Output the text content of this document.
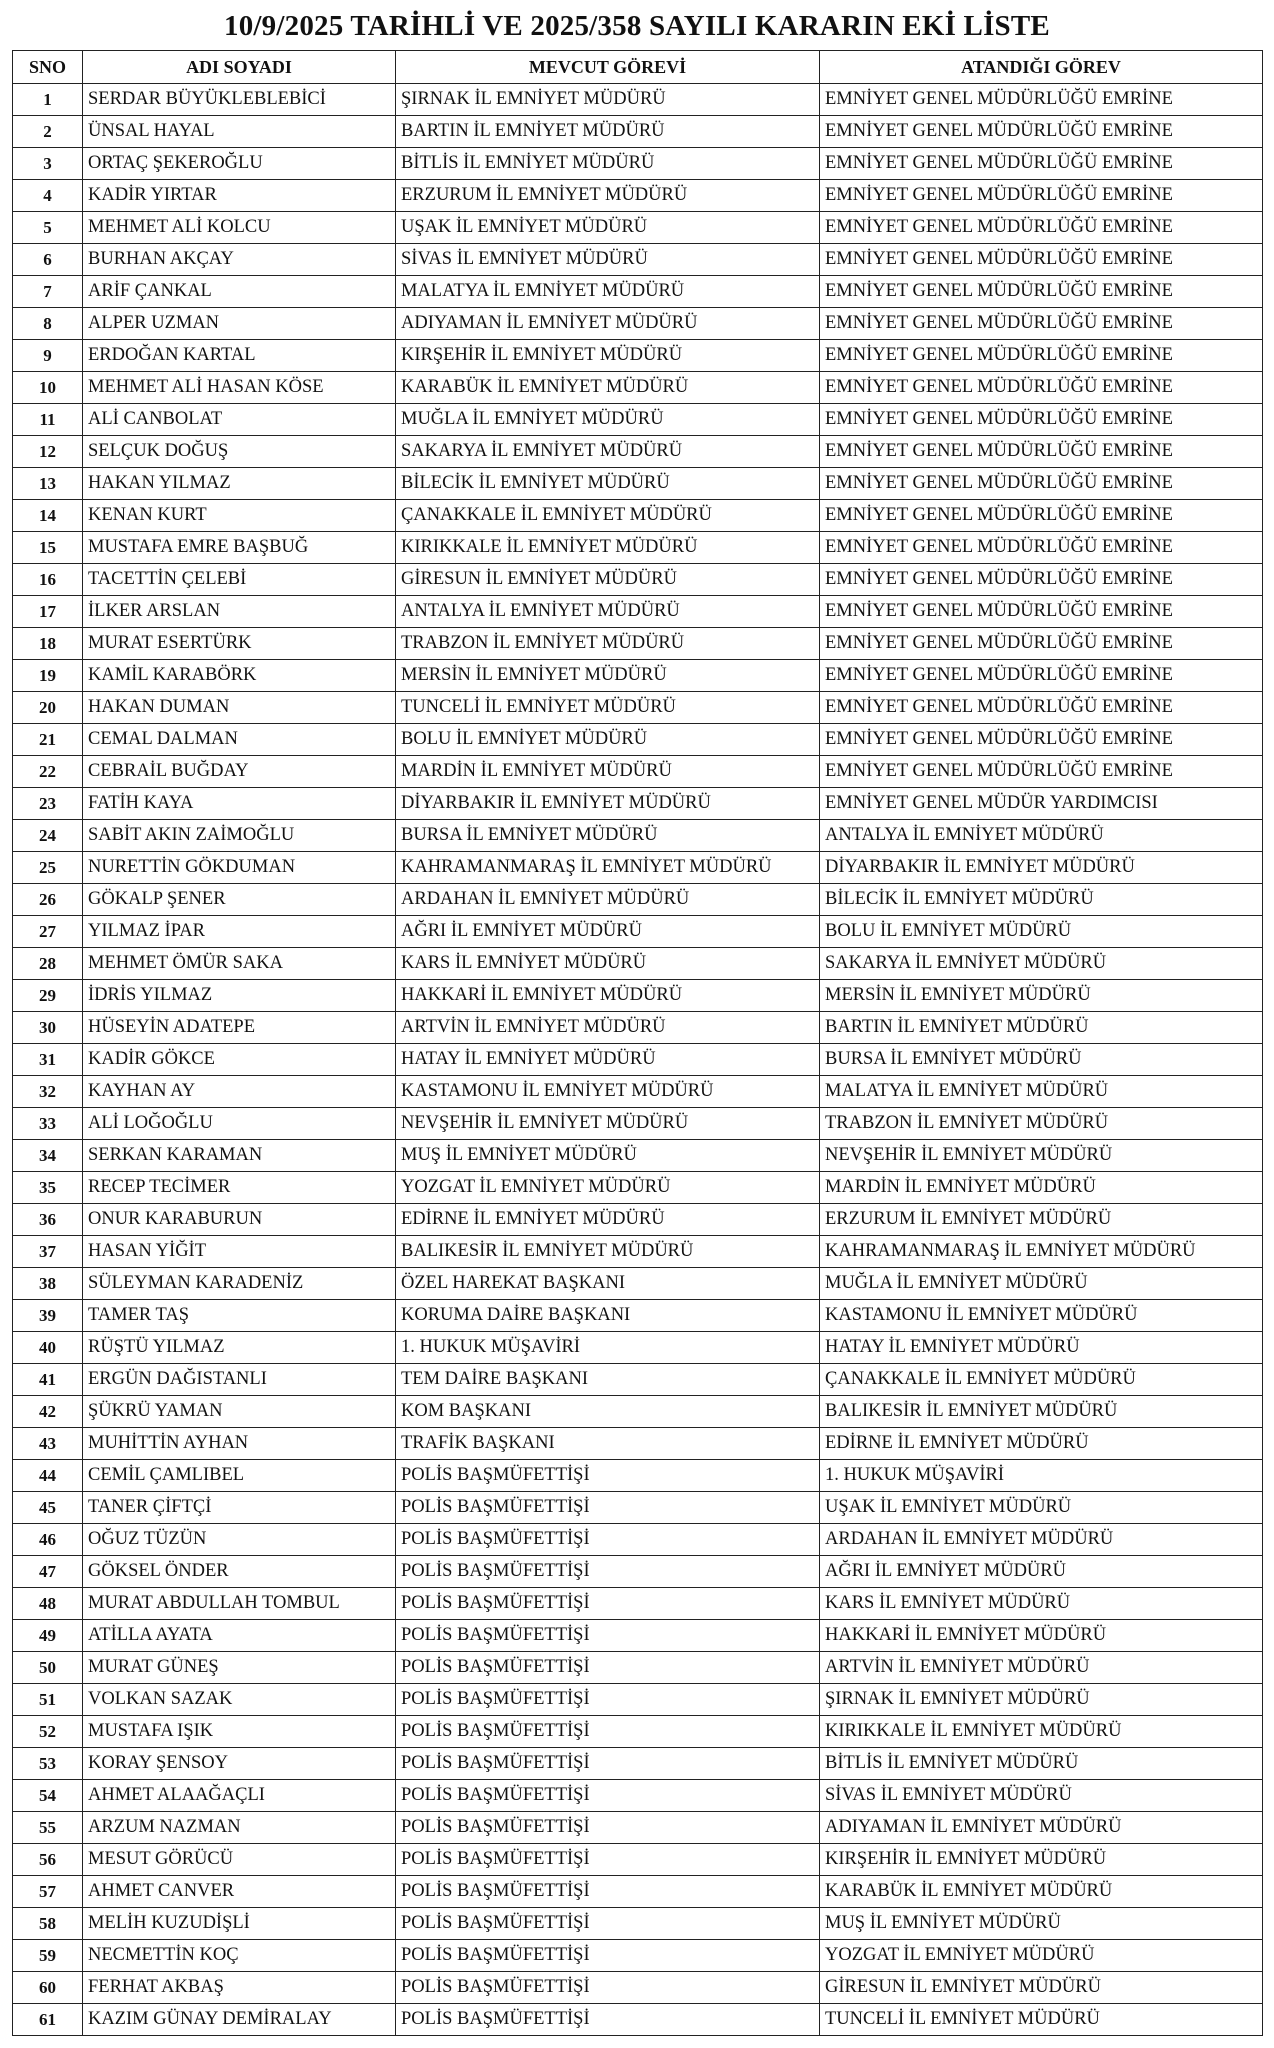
10/9/2025 TARİHLİ VE 2025/358 SAYILI KARARIN EKİ LİSTE
SNO	ADI SOYADI	MEVCUT GÖREVİ	ATANDIĞI GÖREV
1	SERDAR BÜYÜKLEBLEBİCİ	ŞIRNAK İL EMNİYET MÜDÜRÜ	EMNİYET GENEL MÜDÜRLÜĞÜ EMRİNE
2	ÜNSAL HAYAL	BARTIN İL EMNİYET MÜDÜRÜ	EMNİYET GENEL MÜDÜRLÜĞÜ EMRİNE
3	ORTAÇ ŞEKEROĞLU	BİTLİS İL EMNİYET MÜDÜRÜ	EMNİYET GENEL MÜDÜRLÜĞÜ EMRİNE
4	KADİR YIRTAR	ERZURUM İL EMNİYET MÜDÜRÜ	EMNİYET GENEL MÜDÜRLÜĞÜ EMRİNE
5	MEHMET ALİ KOLCU	UŞAK İL EMNİYET MÜDÜRÜ	EMNİYET GENEL MÜDÜRLÜĞÜ EMRİNE
6	BURHAN AKÇAY	SİVAS İL EMNİYET MÜDÜRÜ	EMNİYET GENEL MÜDÜRLÜĞÜ EMRİNE
7	ARİF ÇANKAL	MALATYA İL EMNİYET MÜDÜRÜ	EMNİYET GENEL MÜDÜRLÜĞÜ EMRİNE
8	ALPER UZMAN	ADIYAMAN İL EMNİYET MÜDÜRÜ	EMNİYET GENEL MÜDÜRLÜĞÜ EMRİNE
9	ERDOĞAN KARTAL	KIRŞEHİR İL EMNİYET MÜDÜRÜ	EMNİYET GENEL MÜDÜRLÜĞÜ EMRİNE
10	MEHMET ALİ HASAN KÖSE	KARABÜK İL EMNİYET MÜDÜRÜ	EMNİYET GENEL MÜDÜRLÜĞÜ EMRİNE
11	ALİ CANBOLAT	MUĞLA İL EMNİYET MÜDÜRÜ	EMNİYET GENEL MÜDÜRLÜĞÜ EMRİNE
12	SELÇUK DOĞUŞ	SAKARYA İL EMNİYET MÜDÜRÜ	EMNİYET GENEL MÜDÜRLÜĞÜ EMRİNE
13	HAKAN YILMAZ	BİLECİK İL EMNİYET MÜDÜRÜ	EMNİYET GENEL MÜDÜRLÜĞÜ EMRİNE
14	KENAN KURT	ÇANAKKALE İL EMNİYET MÜDÜRÜ	EMNİYET GENEL MÜDÜRLÜĞÜ EMRİNE
15	MUSTAFA EMRE BAŞBUĞ	KIRIKKALE İL EMNİYET MÜDÜRÜ	EMNİYET GENEL MÜDÜRLÜĞÜ EMRİNE
16	TACETTİN ÇELEBİ	GİRESUN İL EMNİYET MÜDÜRÜ	EMNİYET GENEL MÜDÜRLÜĞÜ EMRİNE
17	İLKER ARSLAN	ANTALYA İL EMNİYET MÜDÜRÜ	EMNİYET GENEL MÜDÜRLÜĞÜ EMRİNE
18	MURAT ESERTÜRK	TRABZON İL EMNİYET MÜDÜRÜ	EMNİYET GENEL MÜDÜRLÜĞÜ EMRİNE
19	KAMİL KARABÖRK	MERSİN İL EMNİYET MÜDÜRÜ	EMNİYET GENEL MÜDÜRLÜĞÜ EMRİNE
20	HAKAN DUMAN	TUNCELİ İL EMNİYET MÜDÜRÜ	EMNİYET GENEL MÜDÜRLÜĞÜ EMRİNE
21	CEMAL DALMAN	BOLU İL EMNİYET MÜDÜRÜ	EMNİYET GENEL MÜDÜRLÜĞÜ EMRİNE
22	CEBRAİL BUĞDAY	MARDİN İL EMNİYET MÜDÜRÜ	EMNİYET GENEL MÜDÜRLÜĞÜ EMRİNE
23	FATİH KAYA	DİYARBAKIR İL EMNİYET MÜDÜRÜ	EMNİYET GENEL MÜDÜR YARDIMCISI
24	SABİT AKIN ZAİMOĞLU	BURSA İL EMNİYET MÜDÜRÜ	ANTALYA İL EMNİYET MÜDÜRÜ
25	NURETTİN GÖKDUMAN	KAHRAMANMARAŞ İL EMNİYET MÜDÜRÜ	DİYARBAKIR İL EMNİYET MÜDÜRÜ
26	GÖKALP ŞENER	ARDAHAN İL EMNİYET MÜDÜRÜ	BİLECİK İL EMNİYET MÜDÜRÜ
27	YILMAZ İPAR	AĞRI İL EMNİYET MÜDÜRÜ	BOLU İL EMNİYET MÜDÜRÜ
28	MEHMET ÖMÜR SAKA	KARS İL EMNİYET MÜDÜRÜ	SAKARYA İL EMNİYET MÜDÜRÜ
29	İDRİS YILMAZ	HAKKARİ İL EMNİYET MÜDÜRÜ	MERSİN İL EMNİYET MÜDÜRÜ
30	HÜSEYİN ADATEPE	ARTVİN İL EMNİYET MÜDÜRÜ	BARTIN İL EMNİYET MÜDÜRÜ
31	KADİR GÖKCE	HATAY İL EMNİYET MÜDÜRÜ	BURSA İL EMNİYET MÜDÜRÜ
32	KAYHAN AY	KASTAMONU İL EMNİYET MÜDÜRÜ	MALATYA İL EMNİYET MÜDÜRÜ
33	ALİ LOĞOĞLU	NEVŞEHİR İL EMNİYET MÜDÜRÜ	TRABZON İL EMNİYET MÜDÜRÜ
34	SERKAN KARAMAN	MUŞ İL EMNİYET MÜDÜRÜ	NEVŞEHİR İL EMNİYET MÜDÜRÜ
35	RECEP TECİMER	YOZGAT İL EMNİYET MÜDÜRÜ	MARDİN İL EMNİYET MÜDÜRÜ
36	ONUR KARABURUN	EDİRNE İL EMNİYET MÜDÜRÜ	ERZURUM İL EMNİYET MÜDÜRÜ
37	HASAN YİĞİT	BALIKESİR İL EMNİYET MÜDÜRÜ	KAHRAMANMARAŞ İL EMNİYET MÜDÜRÜ
38	SÜLEYMAN KARADENİZ	ÖZEL HAREKAT BAŞKANI	MUĞLA İL EMNİYET MÜDÜRÜ
39	TAMER TAŞ	KORUMA DAİRE BAŞKANI	KASTAMONU İL EMNİYET MÜDÜRÜ
40	RÜŞTÜ YILMAZ	1. HUKUK MÜŞAVİRİ	HATAY İL EMNİYET MÜDÜRÜ
41	ERGÜN DAĞISTANLI	TEM DAİRE BAŞKANI	ÇANAKKALE İL EMNİYET MÜDÜRÜ
42	ŞÜKRÜ YAMAN	KOM BAŞKANI	BALIKESİR İL EMNİYET MÜDÜRÜ
43	MUHİTTİN AYHAN	TRAFİK BAŞKANI	EDİRNE İL EMNİYET MÜDÜRÜ
44	CEMİL ÇAMLIBEL	POLİS BAŞMÜFETTİŞİ	1. HUKUK MÜŞAVİRİ
45	TANER ÇİFTÇİ	POLİS BAŞMÜFETTİŞİ	UŞAK İL EMNİYET MÜDÜRÜ
46	OĞUZ TÜZÜN	POLİS BAŞMÜFETTİŞİ	ARDAHAN İL EMNİYET MÜDÜRÜ
47	GÖKSEL ÖNDER	POLİS BAŞMÜFETTİŞİ	AĞRI İL EMNİYET MÜDÜRÜ
48	MURAT ABDULLAH TOMBUL	POLİS BAŞMÜFETTİŞİ	KARS İL EMNİYET MÜDÜRÜ
49	ATİLLA AYATA	POLİS BAŞMÜFETTİŞİ	HAKKARİ İL EMNİYET MÜDÜRÜ
50	MURAT GÜNEŞ	POLİS BAŞMÜFETTİŞİ	ARTVİN İL EMNİYET MÜDÜRÜ
51	VOLKAN SAZAK	POLİS BAŞMÜFETTİŞİ	ŞIRNAK İL EMNİYET MÜDÜRÜ
52	MUSTAFA IŞIK	POLİS BAŞMÜFETTİŞİ	KIRIKKALE İL EMNİYET MÜDÜRÜ
53	KORAY ŞENSOY	POLİS BAŞMÜFETTİŞİ	BİTLİS İL EMNİYET MÜDÜRÜ
54	AHMET ALAAĞAÇLI	POLİS BAŞMÜFETTİŞİ	SİVAS İL EMNİYET MÜDÜRÜ
55	ARZUM NAZMAN	POLİS BAŞMÜFETTİŞİ	ADIYAMAN İL EMNİYET MÜDÜRÜ
56	MESUT GÖRÜCÜ	POLİS BAŞMÜFETTİŞİ	KIRŞEHİR İL EMNİYET MÜDÜRÜ
57	AHMET CANVER	POLİS BAŞMÜFETTİŞİ	KARABÜK İL EMNİYET MÜDÜRÜ
58	MELİH KUZUDİŞLİ	POLİS BAŞMÜFETTİŞİ	MUŞ İL EMNİYET MÜDÜRÜ
59	NECMETTİN KOÇ	POLİS BAŞMÜFETTİŞİ	YOZGAT İL EMNİYET MÜDÜRÜ
60	FERHAT AKBAŞ	POLİS BAŞMÜFETTİŞİ	GİRESUN İL EMNİYET MÜDÜRÜ
61	KAZIM GÜNAY DEMİRALAY	POLİS BAŞMÜFETTİŞİ	TUNCELİ İL EMNİYET MÜDÜRÜ
